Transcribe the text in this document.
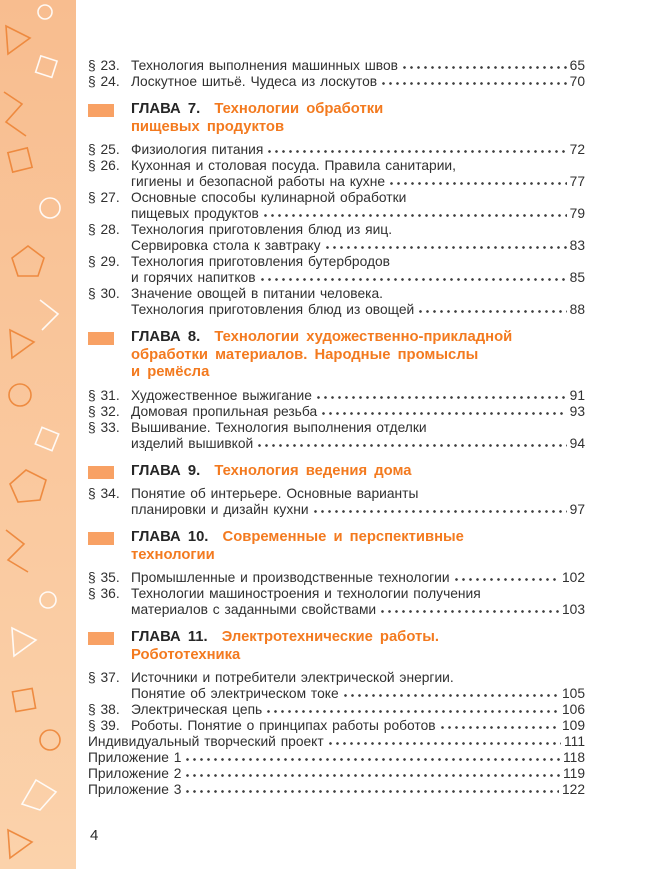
§ 23. Технология выполнения машинных швов	65
§ 24. Лоскутное шитьё. Чудеса из лоскутов	70
ГЛАВА 7. Технологии обработки
пищевых продуктов
§ 25. Физиология питания	72
§ 26. Кухонная и столовая посуда. Правила санитарии,
гигиены и безопасной работы на кухне	77
§ 27. Основные способы кулинарной обработки
пищевых продуктов	79
§ 28. Технология приготовления блюд из яиц.
Сервировка стола к завтраку	83
§ 29. Технология приготовления бутербродов
и горячих напитков	85
§ 30. Значение овощей в питании человека.
Технология приготовления блюд из овощей	88
ГЛАВА 8. Технологии художественно-прикладной
обработки материалов. Народные промыслы
и ремёсла
§ 31. Художественное выжигание	91
§ 32. Домовая пропильная резьба	93
§ 33. Вышивание. Технология выполнения отделки
изделий вышивкой	94
ГЛАВА 9. Технология ведения дома
§ 34. Понятие об интерьере. Основные варианты
планировки и дизайн кухни	97
ГЛАВА 10. Современные и перспективные
технологии
§ 35. Промышленные и производственные технологии	102
§ 36. Технологии машиностроения и технологии получения
материалов с заданными свойствами	103
ГЛАВА 11. Электротехнические работы.
Робототехника
§ 37. Источники и потребители электрической энергии.
Понятие об электрическом токе	105
§ 38. Электрическая цепь	106
§ 39. Роботы. Понятие о принципах работы роботов	109
Индивидуальный творческий проект	111
Приложение 1	118
Приложение 2	119
Приложение 3	122
4
